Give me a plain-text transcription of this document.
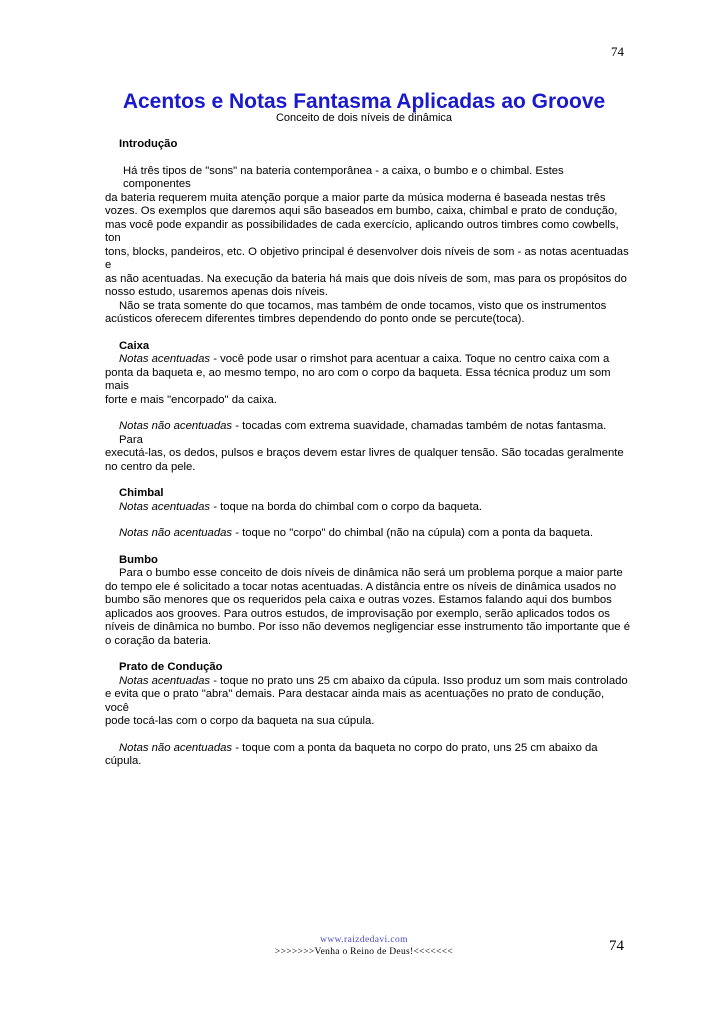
74
Acentos e Notas Fantasma Aplicadas ao Groove
Conceito de dois níveis de dinâmica

Introdução

Há três tipos de "sons" na bateria contemporânea - a caixa, o bumbo e o chimbal. Estes componentes

da bateria requerem muita atenção porque a maior parte da música moderna é baseada nestas três

vozes. Os exemplos que daremos aqui são baseados em bumbo, caixa, chimbal e prato de condução,

mas você pode expandir as possibilidades de cada exercício, aplicando outros timbres como cowbells, ton

tons, blocks, pandeiros, etc. O objetivo principal é desenvolver dois níveis de som - as notas acentuadas e

as não acentuadas. Na execução da bateria há mais que dois níveis de som, mas para os propósitos do

nosso estudo, usaremos apenas dois níveis.

Não se trata somente do que tocamos, mas também de onde tocamos, visto que os instrumentos

acústicos oferecem diferentes timbres dependendo do ponto onde se percute(toca).

Caixa

Notas acentuadas - você pode usar o rimshot para acentuar a caixa. Toque no centro caixa com a

ponta da baqueta e, ao mesmo tempo, no aro com o corpo da baqueta. Essa técnica produz um som mais

forte e mais "encorpado" da caixa.

Notas não acentuadas - tocadas com extrema suavidade, chamadas também de notas fantasma. Para

executá-las, os dedos, pulsos e braços devem estar livres de qualquer tensão. São tocadas geralmente

no centro da pele.

Chimbal

Notas acentuadas - toque na borda do chimbal com o corpo da baqueta.

Notas não acentuadas - toque no "corpo" do chimbal (não na cúpula) com a ponta da baqueta.

Bumbo

Para o bumbo esse conceito de dois níveis de dinâmica não será um problema porque a maior parte

do tempo ele é solicitado a tocar notas acentuadas. A distância entre os níveis de dinâmica usados no

bumbo são menores que os requeridos pela caixa e outras vozes. Estamos falando aqui dos bumbos

aplicados aos grooves. Para outros estudos, de improvisação por exemplo, serão aplicados todos os

níveis de dinâmica no bumbo. Por isso não devemos negligenciar esse instrumento tão importante que é

o coração da bateria.

Prato de Condução

Notas acentuadas - toque no prato uns 25 cm abaixo da cúpula. Isso produz um som mais controlado

e evita que o prato "abra" demais. Para destacar ainda mais as acentuações no prato de condução, você

pode tocá-las com o corpo da baqueta na sua cúpula.

Notas não acentuadas - toque com a ponta da baqueta no corpo do prato, uns 25 cm abaixo da

cúpula.

www.raizdedavi.com
>>>>>>>Venha o Reino de Deus!<<<<<<<	74
